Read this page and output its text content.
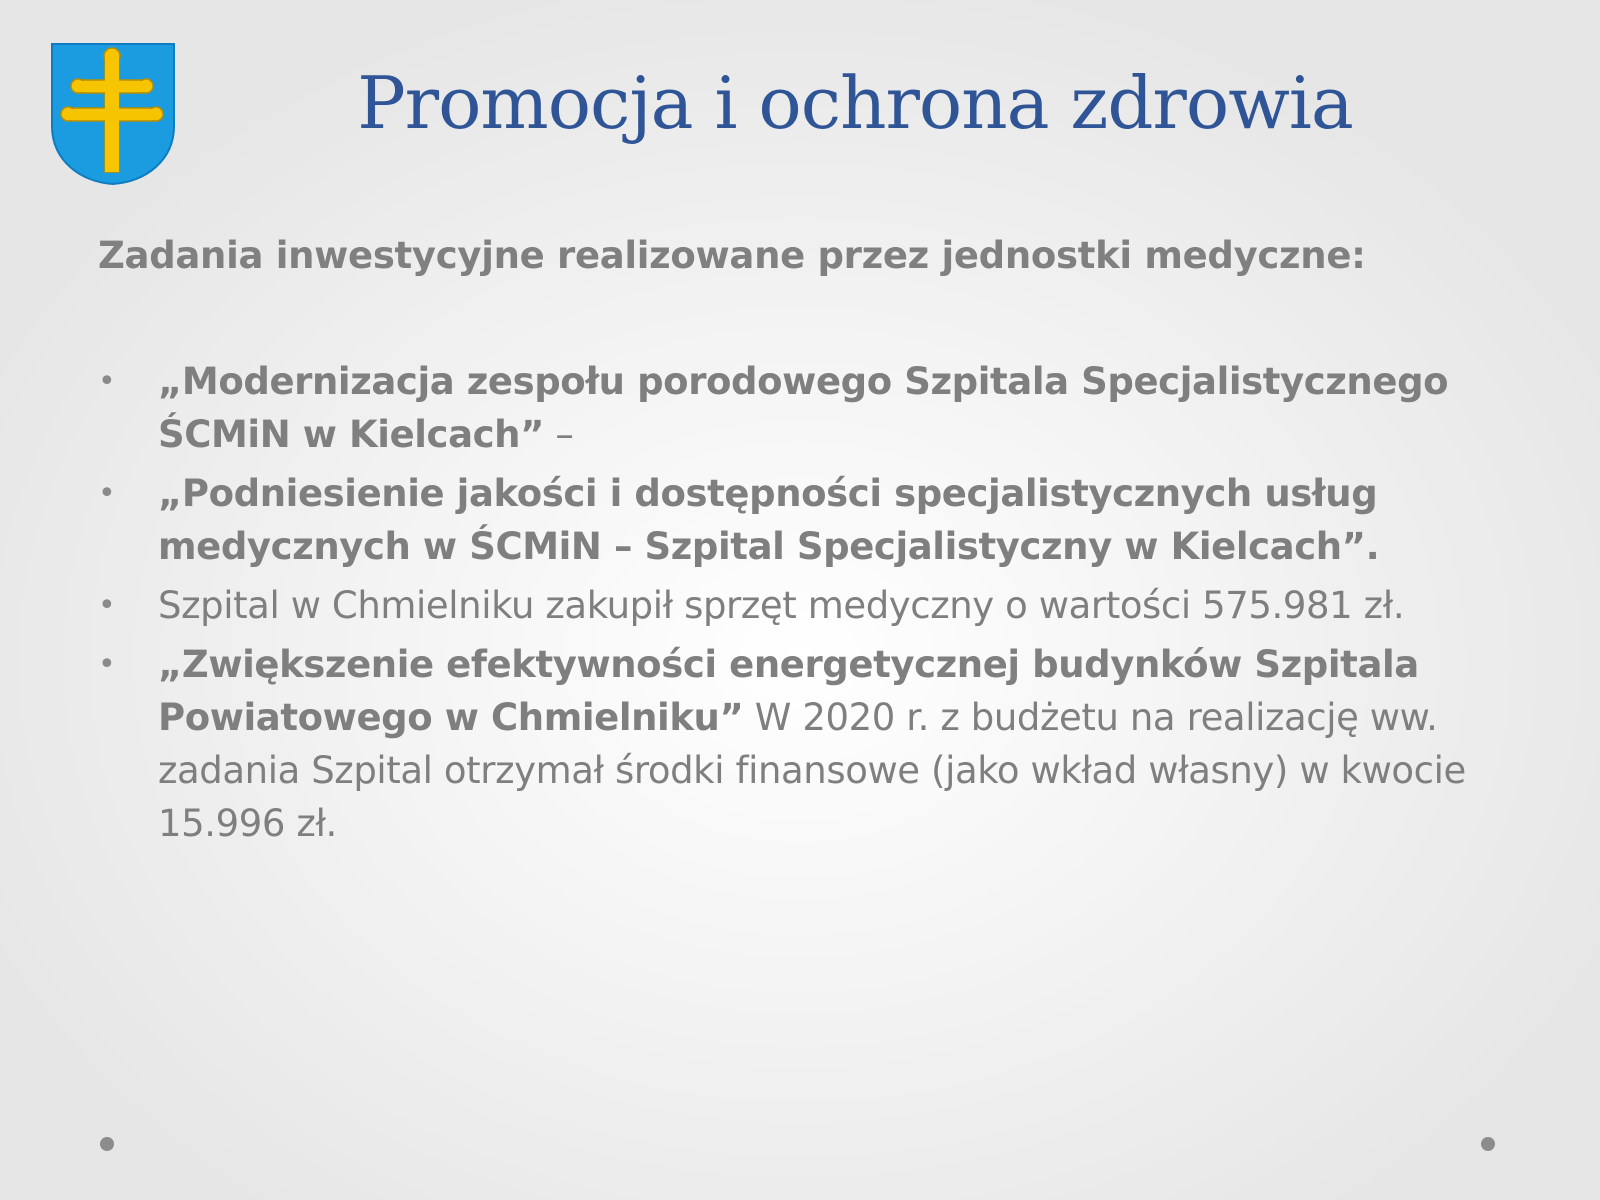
Promocja i ochrona zdrowia
Zadania inwestycyjne realizowane przez jednostki medyczne:
• „Modernizacja zespołu porodowego Szpitala Specjalistycznego ŚCMiN w Kielcach” –
• „Podniesienie jakości i dostępności specjalistycznych usług medycznych w ŚCMiN – Szpital Specjalistyczny w Kielcach”.
• Szpital w Chmielniku zakupił sprzęt medyczny o wartości 575.981 zł.
• „Zwiększenie efektywności energetycznej budynków Szpitala Powiatowego w Chmielniku” W 2020 r. z budżetu na realizację ww. zadania Szpital otrzymał środki finansowe (jako wkład własny) w kwocie 15.996 zł.
